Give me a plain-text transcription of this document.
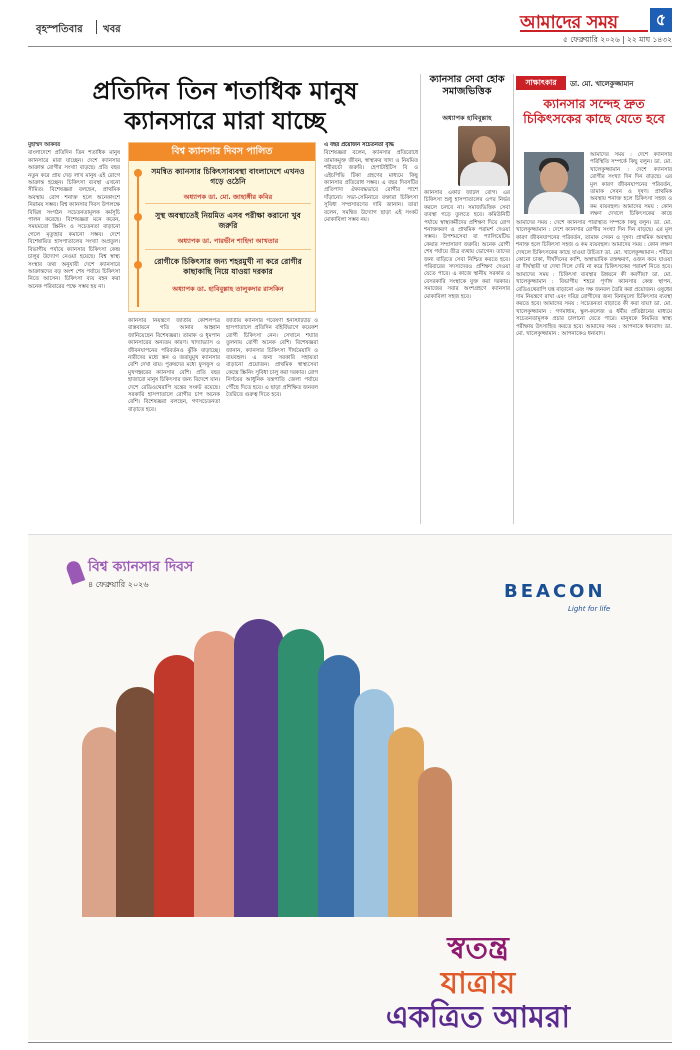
বৃহস্পতিবার খবর	আমাদের সময়	৫
৫ ফেব্রুয়ারি ২০২৬ | ২২ মাঘ ১৪৩২
প্রতিদিন তিন শতাধিক মানুষ
ক্যানসারে মারা যাচ্ছে

মুহাম্মদ আকবর

বাংলাদেশে প্রতিদিন তিন শতাধিক মানুষ ক্যানসারে মারা যাচ্ছেন। দেশে ক্যানসার আক্রান্ত রোগীর সংখ্যা বাড়ছে। প্রতি বছর নতুন করে প্রায় দেড় লাখ মানুষ এই রোগে আক্রান্ত হচ্ছেন। চিকিৎসা ব্যবস্থা এখনো সীমিত। বিশেষজ্ঞরা বলছেন, প্রাথমিক অবস্থায় রোগ শনাক্ত হলে অনেকাংশে নিরাময় সম্ভব। বিশ্ব ক্যানসার দিবস উপলক্ষে বিভিন্ন সংগঠন সচেতনতামূলক কর্মসূচি পালন করেছে। বিশেষজ্ঞরা মনে করেন, সময়মতো স্ক্রিনিং ও সচেতনতা বাড়ানো গেলে মৃত্যুহার কমানো সম্ভব। দেশে বিশেষায়িত হাসপাতালের সংখ্যা অপ্রতুল। বিভাগীয় পর্যায়ে ক্যানসার চিকিৎসা কেন্দ্র চালুর উদ্যোগ নেওয়া হয়েছে। বিশ্ব স্বাস্থ্য সংস্থার তথ্য অনুযায়ী দেশে ক্যানসারে আক্রান্তদের বড় অংশ শেষ পর্যায়ে চিকিৎসা নিতে আসেন। চিকিৎসা ব্যয় বহন করা অনেক পরিবারের পক্ষে সম্ভব হয় না।

ক্যানসার নিয়ন্ত্রণে জাতীয় কৌশলপত্র বাস্তবায়নে গতি আনার আহ্বান জানিয়েছেন বিশেষজ্ঞরা। তামাক ও ধূমপান ক্যানসারের অন্যতম কারণ। খাদ্যাভ্যাস ও জীবনযাপনের পরিবর্তনও ঝুঁকি বাড়াচ্ছে। নারীদের মধ্যে স্তন ও জরায়ুমুখ ক্যানসার বেশি দেখা যায়। পুরুষদের মধ্যে ফুসফুস ও মুখগহ্বরের ক্যানসার বেশি। প্রতি বছর হাজারো মানুষ চিকিৎসার জন্য বিদেশে যান। দেশে রেডিওথেরাপি যন্ত্রের সংকট রয়েছে। সরকারি হাসপাতালে রোগীর চাপ অনেক বেশি। বিশেষজ্ঞরা বলছেন, গণসচেতনতা বাড়াতে হবে।

জাতীয় ক্যানসার গবেষণা ইনস্টিটিউট ও হাসপাতালে প্রতিদিন বহির্বিভাগে কয়েকশ রোগী চিকিৎসা নেন। সেখানে শয্যার তুলনায় রোগী অনেক বেশি। বিশেষজ্ঞরা জানান, ক্যানসার চিকিৎসা দীর্ঘমেয়াদি ও ব্যয়বহুল। এ জন্য সরকারি সহায়তা বাড়ানো প্রয়োজন। প্রাথমিক স্বাস্থ্যসেবা কেন্দ্রে স্ক্রিনিং সুবিধা চালু করা দরকার। রোগ নির্ণয়ের আধুনিক যন্ত্রপাতি জেলা পর্যায়ে পৌঁছে দিতে হবে। এ ছাড়া প্রশিক্ষিত জনবল তৈরিতে গুরুত্ব দিতে হবে।

এ বছর প্রয়োজন সচেতনতা বৃদ্ধি

বিশেষজ্ঞরা বলেন, ক্যানসার প্রতিরোধে তামাকমুক্ত জীবন, স্বাস্থ্যকর খাদ্য ও নিয়মিত শরীরচর্চা জরুরি। হেপাটাইটিস বি ও এইচপিভি টিকা গ্রহণের মাধ্যমে কিছু ক্যানসার প্রতিরোধ সম্ভব। এ বছর দিবসটির প্রতিপাদ্য ঐক্যবদ্ধভাবে রোগীর পাশে দাঁড়ানো। সভা-সেমিনারে বক্তারা চিকিৎসা সুবিধা সম্প্রসারণের দাবি জানান। তারা বলেন, সমন্বিত উদ্যোগ ছাড়া এই সংকট মোকাবিলা সম্ভব নয়।

বিশ্ব ক্যানসার দিবস পালিত
সমন্বিত ক্যানসার চিকিৎসাব্যবস্থা বাংলাদেশে এখনও গড়ে ওঠেনি
অধ্যাপক ডা. মো. জাহাঙ্গীর কবির
সুস্থ অবস্থাতেই নিয়মিত এসব পরীক্ষা করানো খুব জরুরি
অধ্যাপক ডা. পারভীন শাহিদা আখতার
রোগীকে চিকিৎসার জন্য শহরমুখী না করে রোগীর কাছাকাছি নিয়ে যাওয়া দরকার
অধ্যাপক ডা. হাবিবুল্লাহ তালুকদার রাসকিন
ক্যানসার সেবা হোক সমাজভিত্তিক
অধ্যাপক হাবিবুল্লাহ

ক্যানসার একটি জটিল রোগ। এর চিকিৎসা শুধু হাসপাতালের ওপর নির্ভর করলে চলবে না। সমাজভিত্তিক সেবা ব্যবস্থা গড়ে তুলতে হবে। কমিউনিটি পর্যায়ে স্বাস্থ্যকর্মীদের প্রশিক্ষণ দিয়ে রোগ শনাক্তকরণ ও প্রাথমিক পরামর্শ দেওয়া সম্ভব। উপশমসেবা বা প্যালিয়েটিভ কেয়ার সম্প্রসারণ জরুরি। অনেক রোগী শেষ পর্যায়ে তীব্র ব্যথায় ভোগেন। তাদের জন্য বাড়িতে সেবা নিশ্চিত করতে হবে। পরিবারের সদস্যদেরও প্রশিক্ষণ দেওয়া যেতে পারে। এ কাজে স্থানীয় সরকার ও বেসরকারি সংস্থাকে যুক্ত করা দরকার। সমাজের সবার অংশগ্রহণে ক্যানসার মোকাবিলা সহজ হবে।

সাক্ষাৎকার	ডা. মো. খালেকুজ্জামান
ক্যানসার সন্দেহ দ্রুত চিকিৎসকের কাছে যেতে হবে

আমাদের সময় : দেশে ক্যানসার পরিস্থিতি সম্পর্কে কিছু বলুন। ডা. মো. খালেকুজ্জামান : দেশে ক্যানসার রোগীর সংখ্যা দিন দিন বাড়ছে। এর মূল কারণ জীবনযাপনের পরিবর্তন, তামাক সেবন ও দূষণ। প্রাথমিক অবস্থায় শনাক্ত হলে চিকিৎসা সহজ ও কম ব্যয়বহুল। আমাদের সময় : কোন লক্ষণ দেখলে চিকিৎসকের কাছে

আমাদের সময় : দেশে ক্যানসার পরিস্থিতি সম্পর্কে কিছু বলুন। ডা. মো. খালেকুজ্জামান : দেশে ক্যানসার রোগীর সংখ্যা দিন দিন বাড়ছে। এর মূল কারণ জীবনযাপনের পরিবর্তন, তামাক সেবন ও দূষণ। প্রাথমিক অবস্থায় শনাক্ত হলে চিকিৎসা সহজ ও কম ব্যয়বহুল। আমাদের সময় : কোন লক্ষণ দেখলে চিকিৎসকের কাছে যাওয়া উচিত? ডা. মো. খালেকুজ্জামান : শরীরে কোনো চাকা, দীর্ঘদিনের কাশি, অস্বাভাবিক রক্তক্ষরণ, ওজন কমে যাওয়া বা দীর্ঘস্থায়ী ঘা দেখা দিলে দেরি না করে চিকিৎসকের পরামর্শ নিতে হবে। আমাদের সময় : চিকিৎসা ব্যবস্থার উন্নয়নে কী করণীয়? ডা. মো. খালেকুজ্জামান : বিভাগীয় শহরে পূর্ণাঙ্গ ক্যানসার কেন্দ্র স্থাপন, রেডিওথেরাপি যন্ত্র বাড়ানো এবং দক্ষ জনবল তৈরি করা প্রয়োজন। ওষুধের দাম নিয়ন্ত্রণে রাখা এবং দরিদ্র রোগীদের জন্য বিনামূল্যে চিকিৎসার ব্যবস্থা করতে হবে। আমাদের সময় : সচেতনতা বাড়াতে কী করা যায়? ডা. মো. খালেকুজ্জামান : গণমাধ্যম, স্কুল-কলেজ ও ধর্মীয় প্রতিষ্ঠানের মাধ্যমে সচেতনতামূলক প্রচার চালানো যেতে পারে। মানুষকে নিয়মিত স্বাস্থ্য পরীক্ষায় উৎসাহিত করতে হবে। আমাদের সময় : আপনাকে ধন্যবাদ। ডা. মো. খালেকুজ্জামান : আপনাকেও ধন্যবাদ।

বিশ্ব ক্যানসার দিবস
৪ ফেব্রুয়ারি ২০২৬	BEACON
Light for life
স্বতন্ত্র
যাত্রায়
একত্রিত আমরা
